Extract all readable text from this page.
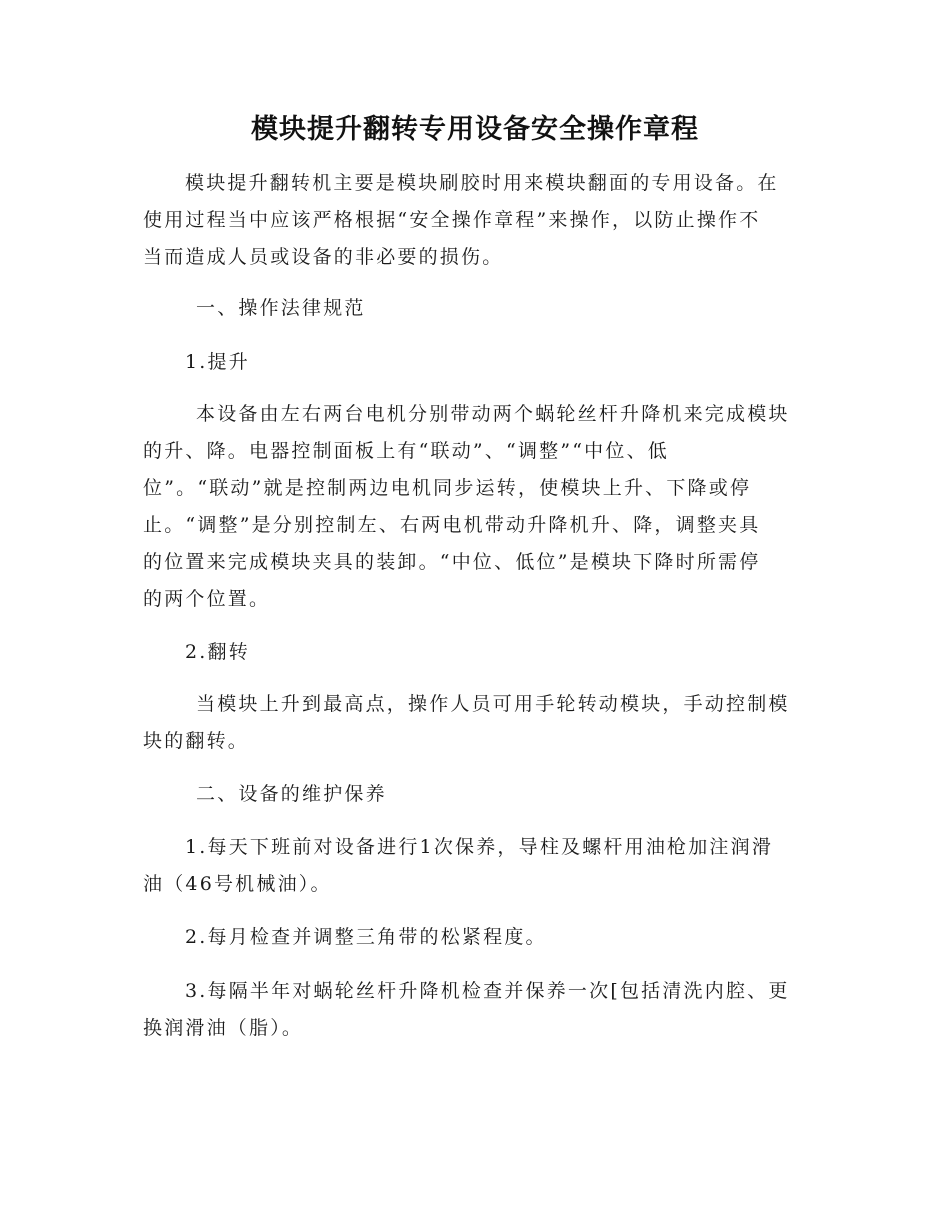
模块提升翻转专用设备安全操作章程
模块提升翻转机主要是模块刷胶时用来模块翻面的专用设备。在
使用过程当中应该严格根据“安全操作章程”来操作，以防止操作不
当而造成人员或设备的非必要的损伤。
一、操作法律规范
1.提升
本设备由左右两台电机分别带动两个蜗轮丝杆升降机来完成模块
的升、降。电器控制面板上有“联动”、“调整”“中位、低
位”。“联动”就是控制两边电机同步运转，使模块上升、下降或停
止。“调整”是分别控制左、右两电机带动升降机升、降，调整夹具
的位置来完成模块夹具的装卸。“中位、低位”是模块下降时所需停
的两个位置。
2.翻转
当模块上升到最高点，操作人员可用手轮转动模块，手动控制模
块的翻转。
二、设备的维护保养
1.每天下班前对设备进行1次保养，导柱及螺杆用油枪加注润滑
油（46号机械油）。
2.每月检查并调整三角带的松紧程度。
3.每隔半年对蜗轮丝杆升降机检查并保养一次[包括清洗内腔、更
换润滑油（脂）。
